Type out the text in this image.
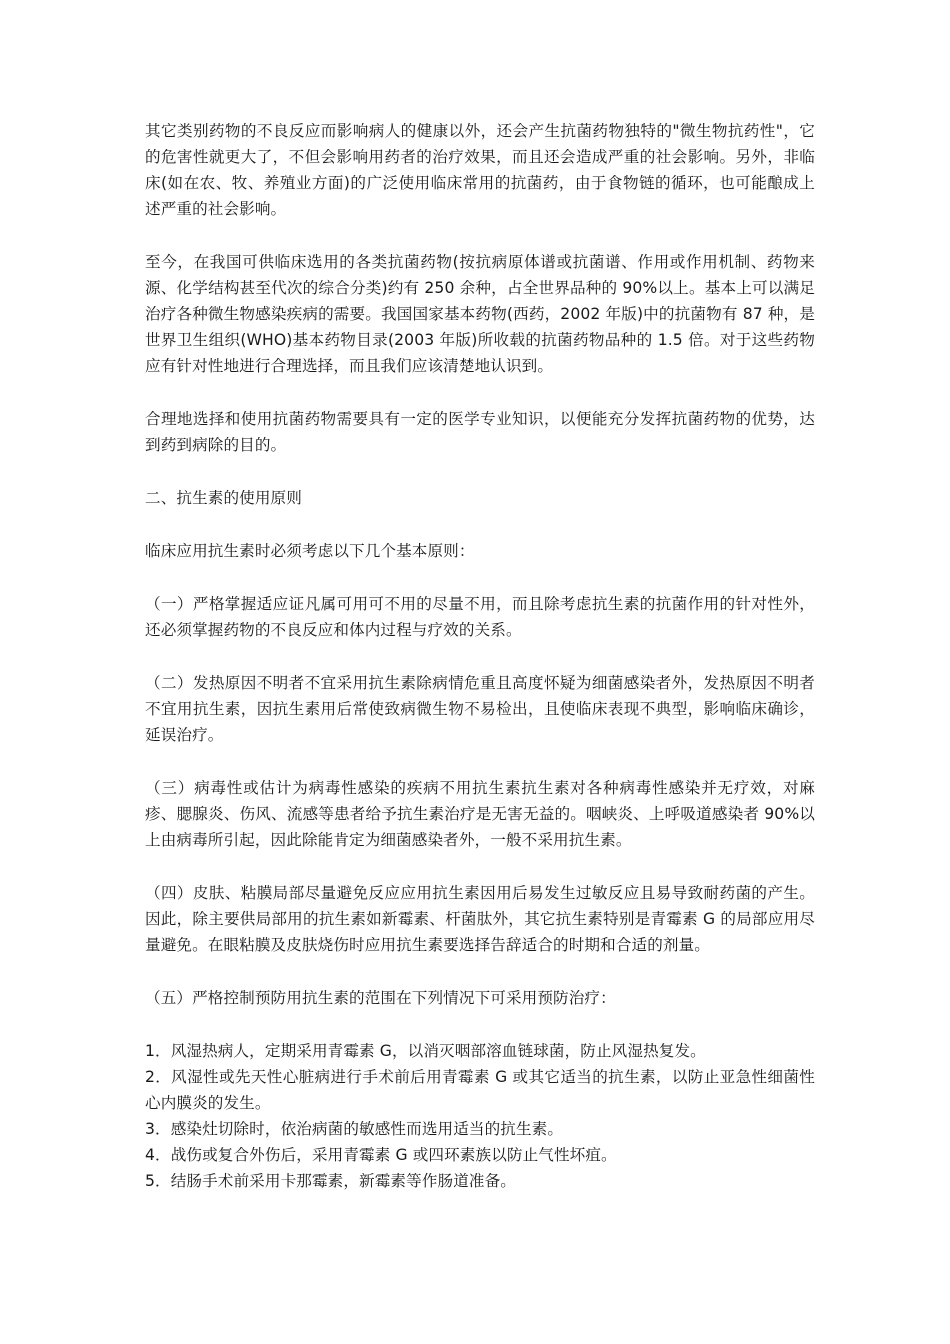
其它类别药物的不良反应而影响病人的健康以外，还会产生抗菌药物独特的"微生物抗药性"，它的危害性就更大了，不但会影响用药者的治疗效果，而且还会造成严重的社会影响。另外，非临床(如在农、牧、养殖业方面)的广泛使用临床常用的抗菌药，由于食物链的循环，也可能酿成上述严重的社会影响。

至今，在我国可供临床选用的各类抗菌药物(按抗病原体谱或抗菌谱、作用或作用机制、药物来源、化学结构甚至代次的综合分类)约有 250 余种，占全世界品种的 90%以上。基本上可以满足治疗各种微生物感染疾病的需要。我国国家基本药物(西药，2002 年版)中的抗菌物有 87 种，是世界卫生组织(WHO)基本药物目录(2003 年版)所收载的抗菌药物品种的 1.5 倍。对于这些药物应有针对性地进行合理选择，而且我们应该清楚地认识到。

合理地选择和使用抗菌药物需要具有一定的医学专业知识，以便能充分发挥抗菌药物的优势，达到药到病除的目的。

二、抗生素的使用原则

临床应用抗生素时必须考虑以下几个基本原则：

（一）严格掌握适应证凡属可用可不用的尽量不用，而且除考虑抗生素的抗菌作用的针对性外，还必须掌握药物的不良反应和体内过程与疗效的关系。

（二）发热原因不明者不宜采用抗生素除病情危重且高度怀疑为细菌感染者外，发热原因不明者不宜用抗生素，因抗生素用后常使致病微生物不易检出，且使临床表现不典型，影响临床确诊，延误治疗。

（三）病毒性或估计为病毒性感染的疾病不用抗生素抗生素对各种病毒性感染并无疗效，对麻疹、腮腺炎、伤风、流感等患者给予抗生素治疗是无害无益的。咽峡炎、上呼吸道感染者 90%以上由病毒所引起，因此除能肯定为细菌感染者外，一般不采用抗生素。

（四）皮肤、粘膜局部尽量避免反应应用抗生素因用后易发生过敏反应且易导致耐药菌的产生。因此，除主要供局部用的抗生素如新霉素、杆菌肽外，其它抗生素特别是青霉素 G 的局部应用尽量避免。在眼粘膜及皮肤烧伤时应用抗生素要选择告辞适合的时期和合适的剂量。

（五）严格控制预防用抗生素的范围在下列情况下可采用预防治疗：

1．风湿热病人，定期采用青霉素 G，以消灭咽部溶血链球菌，防止风湿热复发。
2．风湿性或先天性心脏病进行手术前后用青霉素 G 或其它适当的抗生素，以防止亚急性细菌性心内膜炎的发生。
3．感染灶切除时，依治病菌的敏感性而选用适当的抗生素。
4．战伤或复合外伤后，采用青霉素 G 或四环素族以防止气性坏疽。
5．结肠手术前采用卡那霉素，新霉素等作肠道准备。
